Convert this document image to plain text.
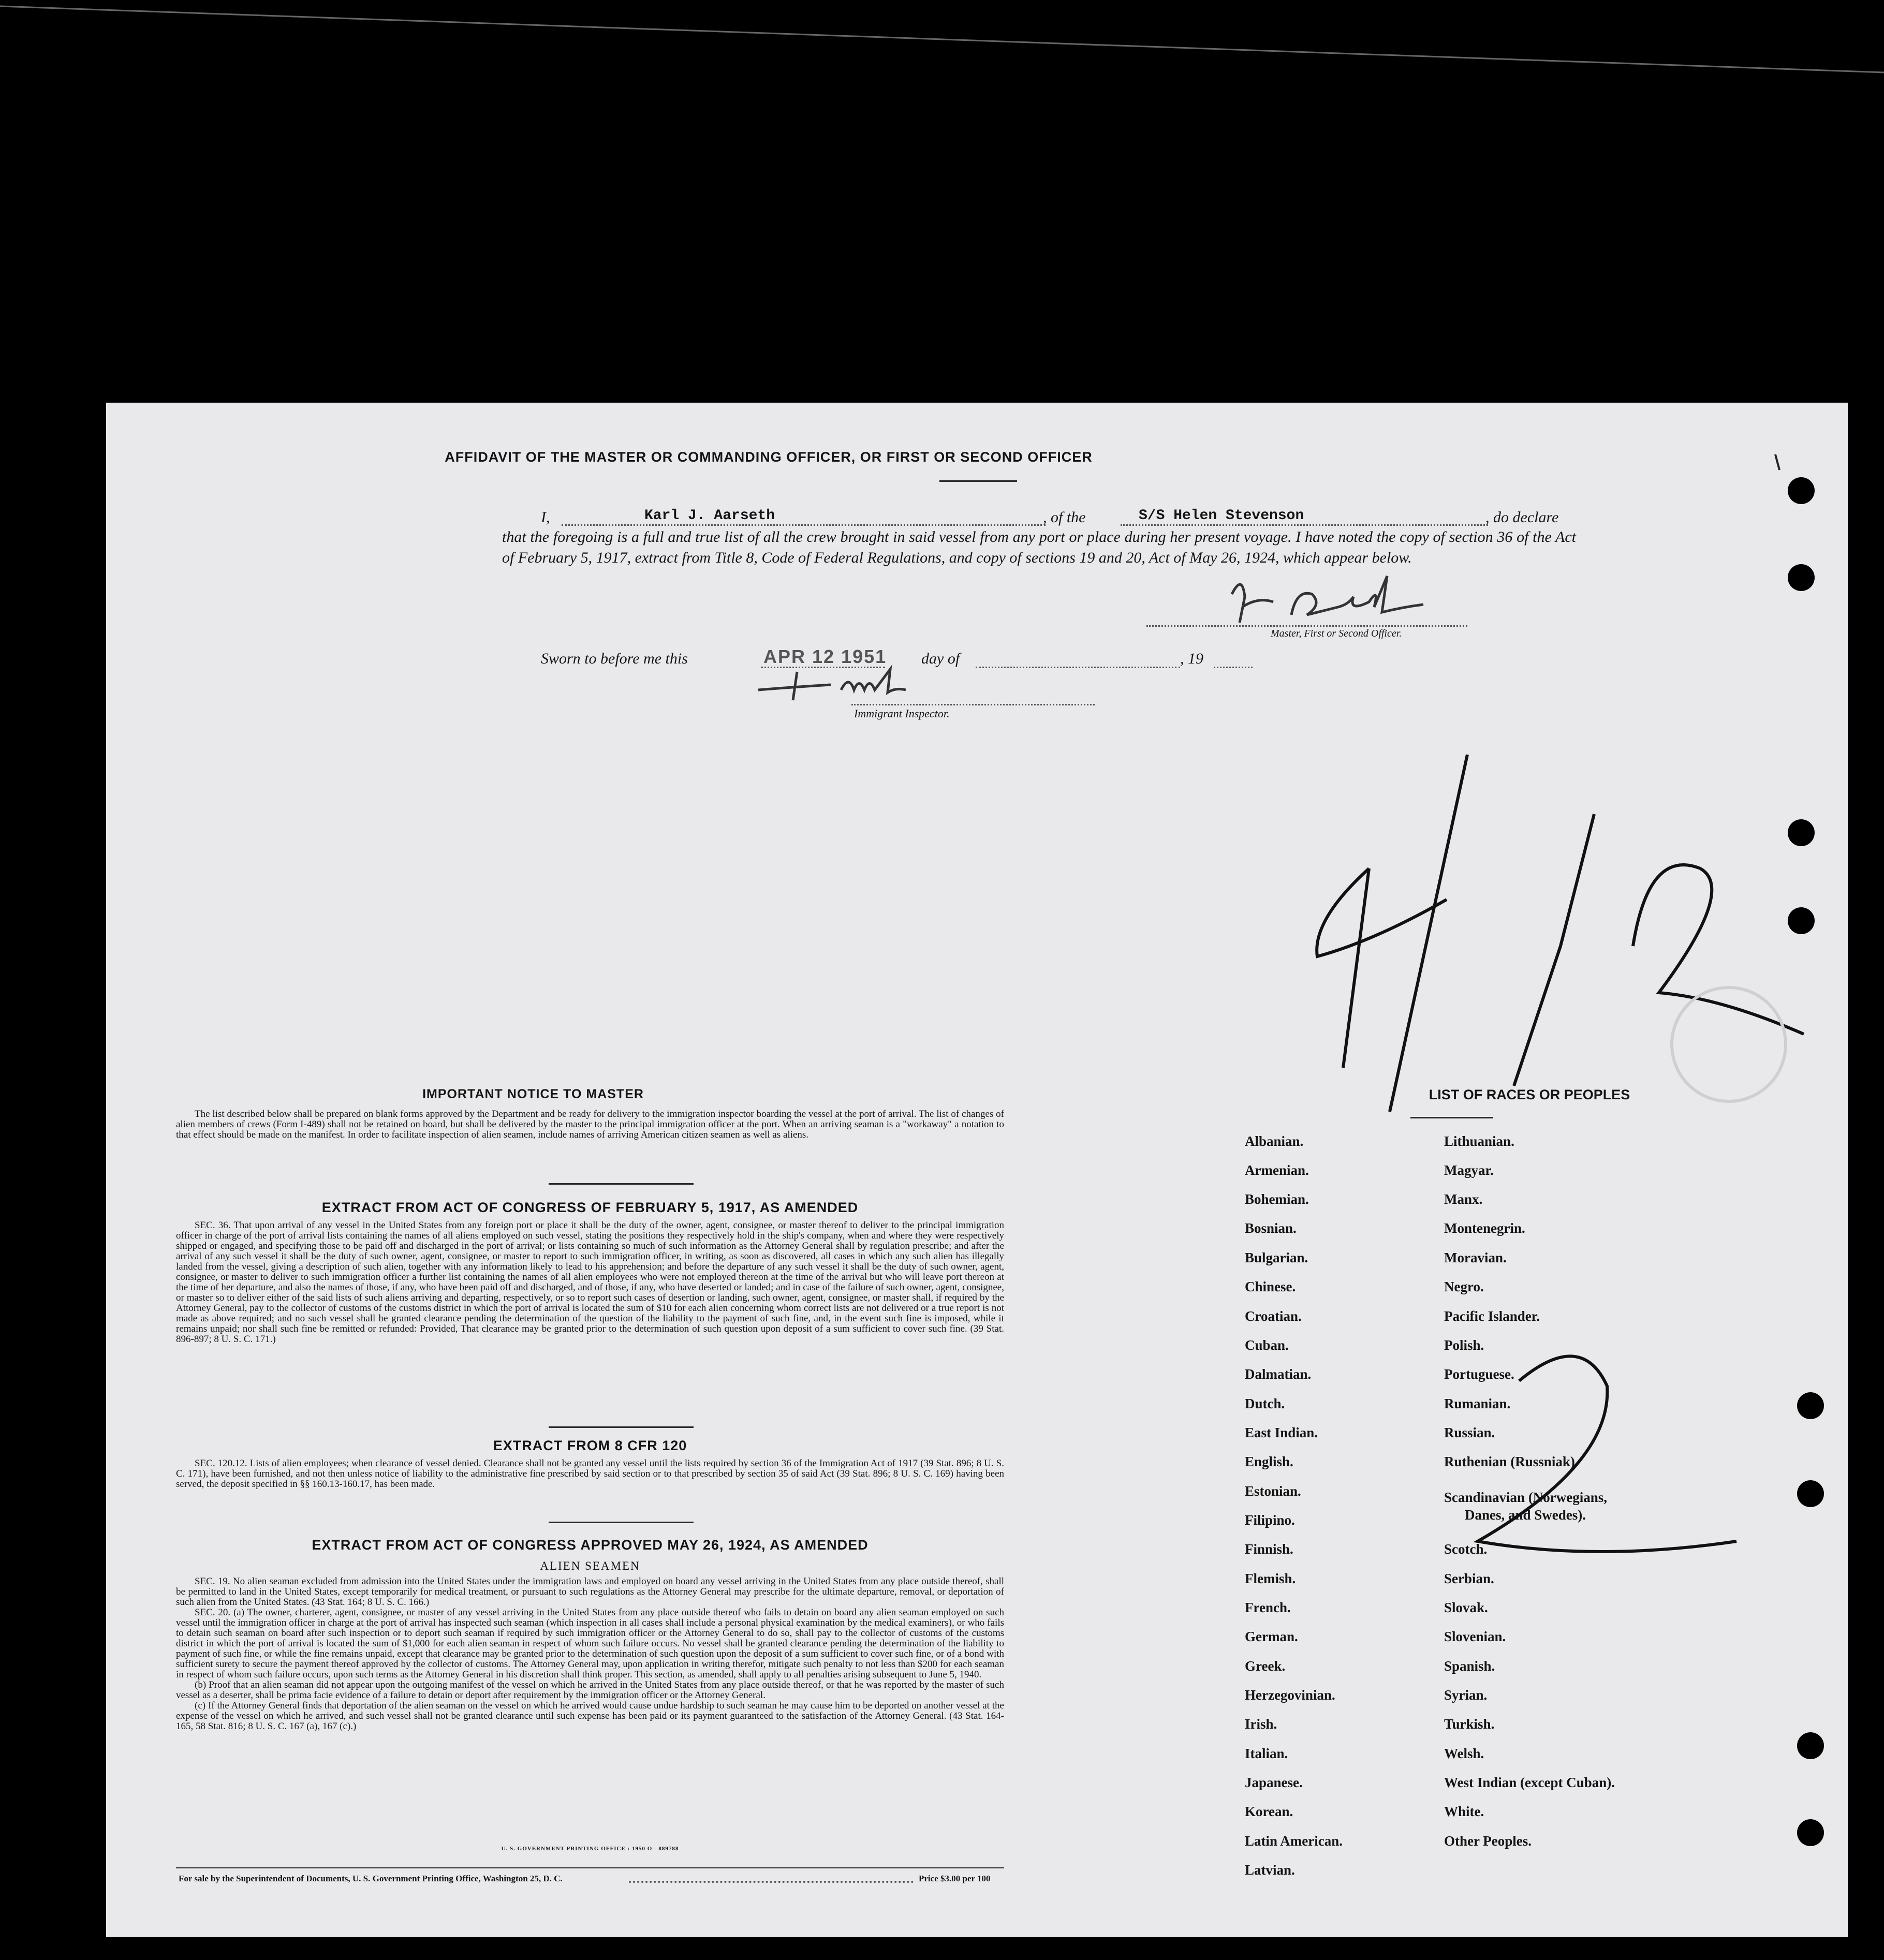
AFFIDAVIT OF THE MASTER OR COMMANDING OFFICER, OR FIRST OR SECOND OFFICER
I,	Karl J. Aarseth	, of the	S/S Helen Stevenson	, do declare
that the foregoing is a full and true list of all the crew brought in said vessel from any port or place during her present voyage. I have noted the copy of section 36 of the Act of February 5, 1917, extract from Title 8, Code of Federal Regulations, and copy of sections 19 and 20, Act of May 26, 1924, which appear below.
Master, First or Second Officer.
Sworn to before me this	APR 12 1951 day of	, 19
Immigrant Inspector.
IMPORTANT NOTICE TO MASTER

The list described below shall be prepared on blank forms approved by the Department and be ready for delivery to the immigration inspector boarding the vessel at the port of arrival. The list of changes of alien members of crews (Form I-489) shall not be retained on board, but shall be delivered by the master to the principal immigration officer at the port. When an arriving seaman is a "workaway" a notation to that effect should be made on the manifest. In order to facilitate inspection of alien seamen, include names of arriving American citizen seamen as well as aliens.

EXTRACT FROM ACT OF CONGRESS OF FEBRUARY 5, 1917, AS AMENDED

SEC. 36. That upon arrival of any vessel in the United States from any foreign port or place it shall be the duty of the owner, agent, consignee, or master thereof to deliver to the principal immigration officer in charge of the port of arrival lists containing the names of all aliens employed on such vessel, stating the positions they respectively hold in the ship's company, when and where they were respectively shipped or engaged, and specifying those to be paid off and discharged in the port of arrival; or lists containing so much of such information as the Attorney General shall by regulation prescribe; and after the arrival of any such vessel it shall be the duty of such owner, agent, consignee, or master to report to such immigration officer, in writing, as soon as discovered, all cases in which any such alien has illegally landed from the vessel, giving a description of such alien, together with any information likely to lead to his apprehension; and before the departure of any such vessel it shall be the duty of such owner, agent, consignee, or master to deliver to such immigration officer a further list containing the names of all alien employees who were not employed thereon at the time of the arrival but who will leave port thereon at the time of her departure, and also the names of those, if any, who have been paid off and discharged, and of those, if any, who have deserted or landed; and in case of the failure of such owner, agent, consignee, or master so to deliver either of the said lists of such aliens arriving and departing, respectively, or so to report such cases of desertion or landing, such owner, agent, consignee, or master shall, if required by the Attorney General, pay to the collector of customs of the customs district in which the port of arrival is located the sum of $10 for each alien concerning whom correct lists are not delivered or a true report is not made as above required; and no such vessel shall be granted clearance pending the determination of the question of the liability to the payment of such fine, and, in the event such fine is imposed, while it remains unpaid; nor shall such fine be remitted or refunded: Provided, That clearance may be granted prior to the determination of such question upon deposit of a sum sufficient to cover such fine. (39 Stat. 896-897; 8 U. S. C. 171.)

EXTRACT FROM 8 CFR 120

SEC. 120.12. Lists of alien employees; when clearance of vessel denied. Clearance shall not be granted any vessel until the lists required by section 36 of the Immigration Act of 1917 (39 Stat. 896; 8 U. S. C. 171), have been furnished, and not then unless notice of liability to the administrative fine prescribed by said section or to that prescribed by section 35 of said Act (39 Stat. 896; 8 U. S. C. 169) having been served, the deposit specified in §§ 160.13-160.17, has been made.

EXTRACT FROM ACT OF CONGRESS APPROVED MAY 26, 1924, AS AMENDED
ALIEN SEAMEN

SEC. 19. No alien seaman excluded from admission into the United States under the immigration laws and employed on board any vessel arriving in the United States from any place outside thereof, shall be permitted to land in the United States, except temporarily for medical treatment, or pursuant to such regulations as the Attorney General may prescribe for the ultimate departure, removal, or deportation of such alien from the United States. (43 Stat. 164; 8 U. S. C. 166.)

SEC. 20. (a) The owner, charterer, agent, consignee, or master of any vessel arriving in the United States from any place outside thereof who fails to detain on board any alien seaman employed on such vessel until the immigration officer in charge at the port of arrival has inspected such seaman (which inspection in all cases shall include a personal physical examination by the medical examiners), or who fails to detain such seaman on board after such inspection or to deport such seaman if required by such immigration officer or the Attorney General to do so, shall pay to the collector of customs of the customs district in which the port of arrival is located the sum of $1,000 for each alien seaman in respect of whom such failure occurs. No vessel shall be granted clearance pending the determination of the liability to payment of such fine, or while the fine remains unpaid, except that clearance may be granted prior to the determination of such question upon the deposit of a sum sufficient to cover such fine, or of a bond with sufficient surety to secure the payment thereof approved by the collector of customs. The Attorney General may, upon application in writing therefor, mitigate such penalty to not less than $200 for each seaman in respect of whom such failure occurs, upon such terms as the Attorney General in his discretion shall think proper. This section, as amended, shall apply to all penalties arising subsequent to June 5, 1940.

(b) Proof that an alien seaman did not appear upon the outgoing manifest of the vessel on which he arrived in the United States from any place outside thereof, or that he was reported by the master of such vessel as a deserter, shall be prima facie evidence of a failure to detain or deport after requirement by the immigration officer or the Attorney General.

(c) If the Attorney General finds that deportation of the alien seaman on the vessel on which he arrived would cause undue hardship to such seaman he may cause him to be deported on another vessel at the expense of the vessel on which he arrived, and such vessel shall not be granted clearance until such expense has been paid or its payment guaranteed to the satisfaction of the Attorney General. (43 Stat. 164-165, 58 Stat. 816; 8 U. S. C. 167 (a), 167 (c).)

U. S. GOVERNMENT PRINTING OFFICE : 1950 O - 889788
For sale by the Superintendent of Documents, U. S. Government Printing Office, Washington 25, D. C.	Price $3.00 per 100
LIST OF RACES OR PEOPLES
Albanian.
Armenian.
Bohemian.
Bosnian.
Bulgarian.
Chinese.
Croatian.
Cuban.
Dalmatian.
Dutch.
East Indian.
English.
Estonian.
Filipino.
Finnish.
Flemish.
French.
German.
Greek.
Herzegovinian.
Irish.
Italian.
Japanese.
Korean.
Latin American.
Latvian.
Lithuanian.
Magyar.
Manx.
Montenegrin.
Moravian.
Negro.
Pacific Islander.
Polish.
Portuguese.
Rumanian.
Russian.
Ruthenian (Russniak).
Scandinavian (Norwegians,
Danes, and Swedes).
Scotch.
Serbian.
Slovak.
Slovenian.
Spanish.
Syrian.
Turkish.
Welsh.
West Indian (except Cuban).
White.
Other Peoples.
